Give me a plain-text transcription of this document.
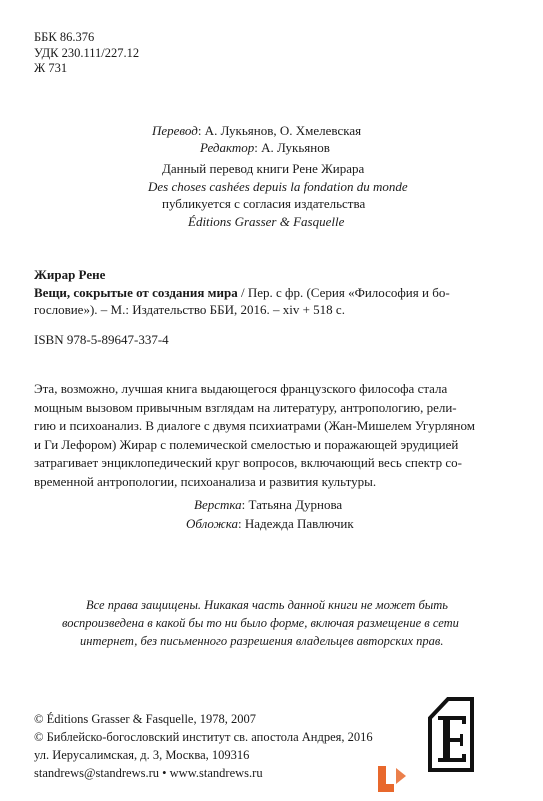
ББК 86.376
УДК 230.111/227.12
Ж 731
Перевод: А. Лукьянов, О. Хмелевская
Редактор: А. Лукьянов
Данный перевод книги Рене Жирара
Des choses cashées depuis la fondation du monde
публикуется с согласия издательства
Éditions Grasser & Fasquelle
Жирар Рене
Вещи, сокрытые от создания мира / Пер. с фр. (Серия «Философия и бо-
гословие»). – М.: Издательство ББИ, 2016. – xiv + 518 с.
ISBN 978-5-89647-337-4
Эта, возможно, лучшая книга выдающегося французского философа стала
мощным вызовом привычным взглядам на литературу, антропологию, рели-
гию и психоанализ. В диалоге с двумя психиатрами (Жан-Мишелем Угурляном
и Ги Лефором) Жирар с полемической смелостью и поражающей эрудицией
затрагивает энциклопедический круг вопросов, включающий весь спектр со-
временной антропологии, психоанализа и развития культуры.
Верстка: Татьяна Дурнова
Обложка: Надежда Павлючик
Все права защищены. Никакая часть данной книги не может быть
воспроизведена в какой бы то ни было форме, включая размещение в сети
интернет, без письменного разрешения владельцев авторских прав.
© Éditions Grasser & Fasquelle, 1978, 2007
© Библейско-богословский институт св. апостола Андрея, 2016
ул. Иерусалимская, д. 3, Москва, 109316
standrews@standrews.ru • www.standrews.ru
